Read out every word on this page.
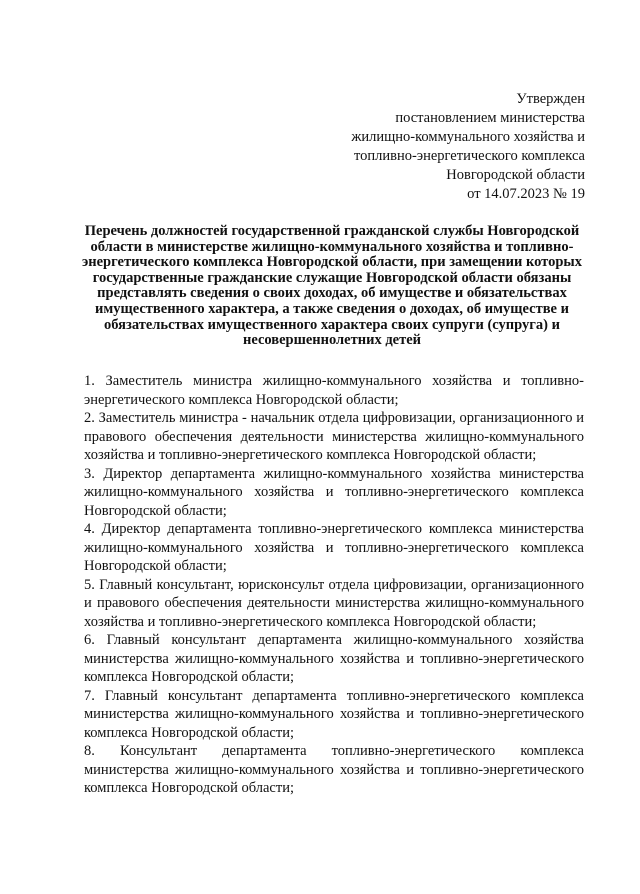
Утвержден
постановлением министерства
жилищно-коммунального хозяйства и
топливно-энергетического комплекса
Новгородской области
от 14.07.2023 № 19
Перечень должностей государственной гражданской службы Новгородской области в министерстве жилищно-коммунального хозяйства и топливно-энергетического комплекса Новгородской области, при замещении которых государственные гражданские служащие Новгородской области обязаны представлять сведения о своих доходах, об имуществе и обязательствах имущественного характера, а также сведения о доходах, об имуществе и обязательствах имущественного характера своих супруги (супруга) и несовершеннолетних детей

1. Заместитель министра жилищно-коммунального хозяйства и топливно-энергетического комплекса Новгородской области;

2. Заместитель министра - начальник отдела цифровизации, организационного и правового обеспечения деятельности министерства жилищно-коммунального хозяйства и топливно-энергетического комплекса Новгородской области;

3. Директор департамента жилищно-коммунального хозяйства министерства жилищно-коммунального хозяйства и топливно-энергетического комплекса Новгородской области;

4. Директор департамента топливно-энергетического комплекса министерства жилищно-коммунального хозяйства и топливно-энергетического комплекса Новгородской области;

5. Главный консультант, юрисконсульт отдела цифровизации, организационного и правового обеспечения деятельности министерства жилищно-коммунального хозяйства и топливно-энергетического комплекса Новгородской области;

6. Главный консультант департамента жилищно-коммунального хозяйства министерства жилищно-коммунального хозяйства и топливно-энергетического комплекса Новгородской области;

7. Главный консультант департамента топливно-энергетического комплекса министерства жилищно-коммунального хозяйства и топливно-энергетического комплекса Новгородской области;

8. Консультант департамента топливно-энергетического комплекса министерства жилищно-коммунального хозяйства и топливно-энергетического комплекса Новгородской области;
